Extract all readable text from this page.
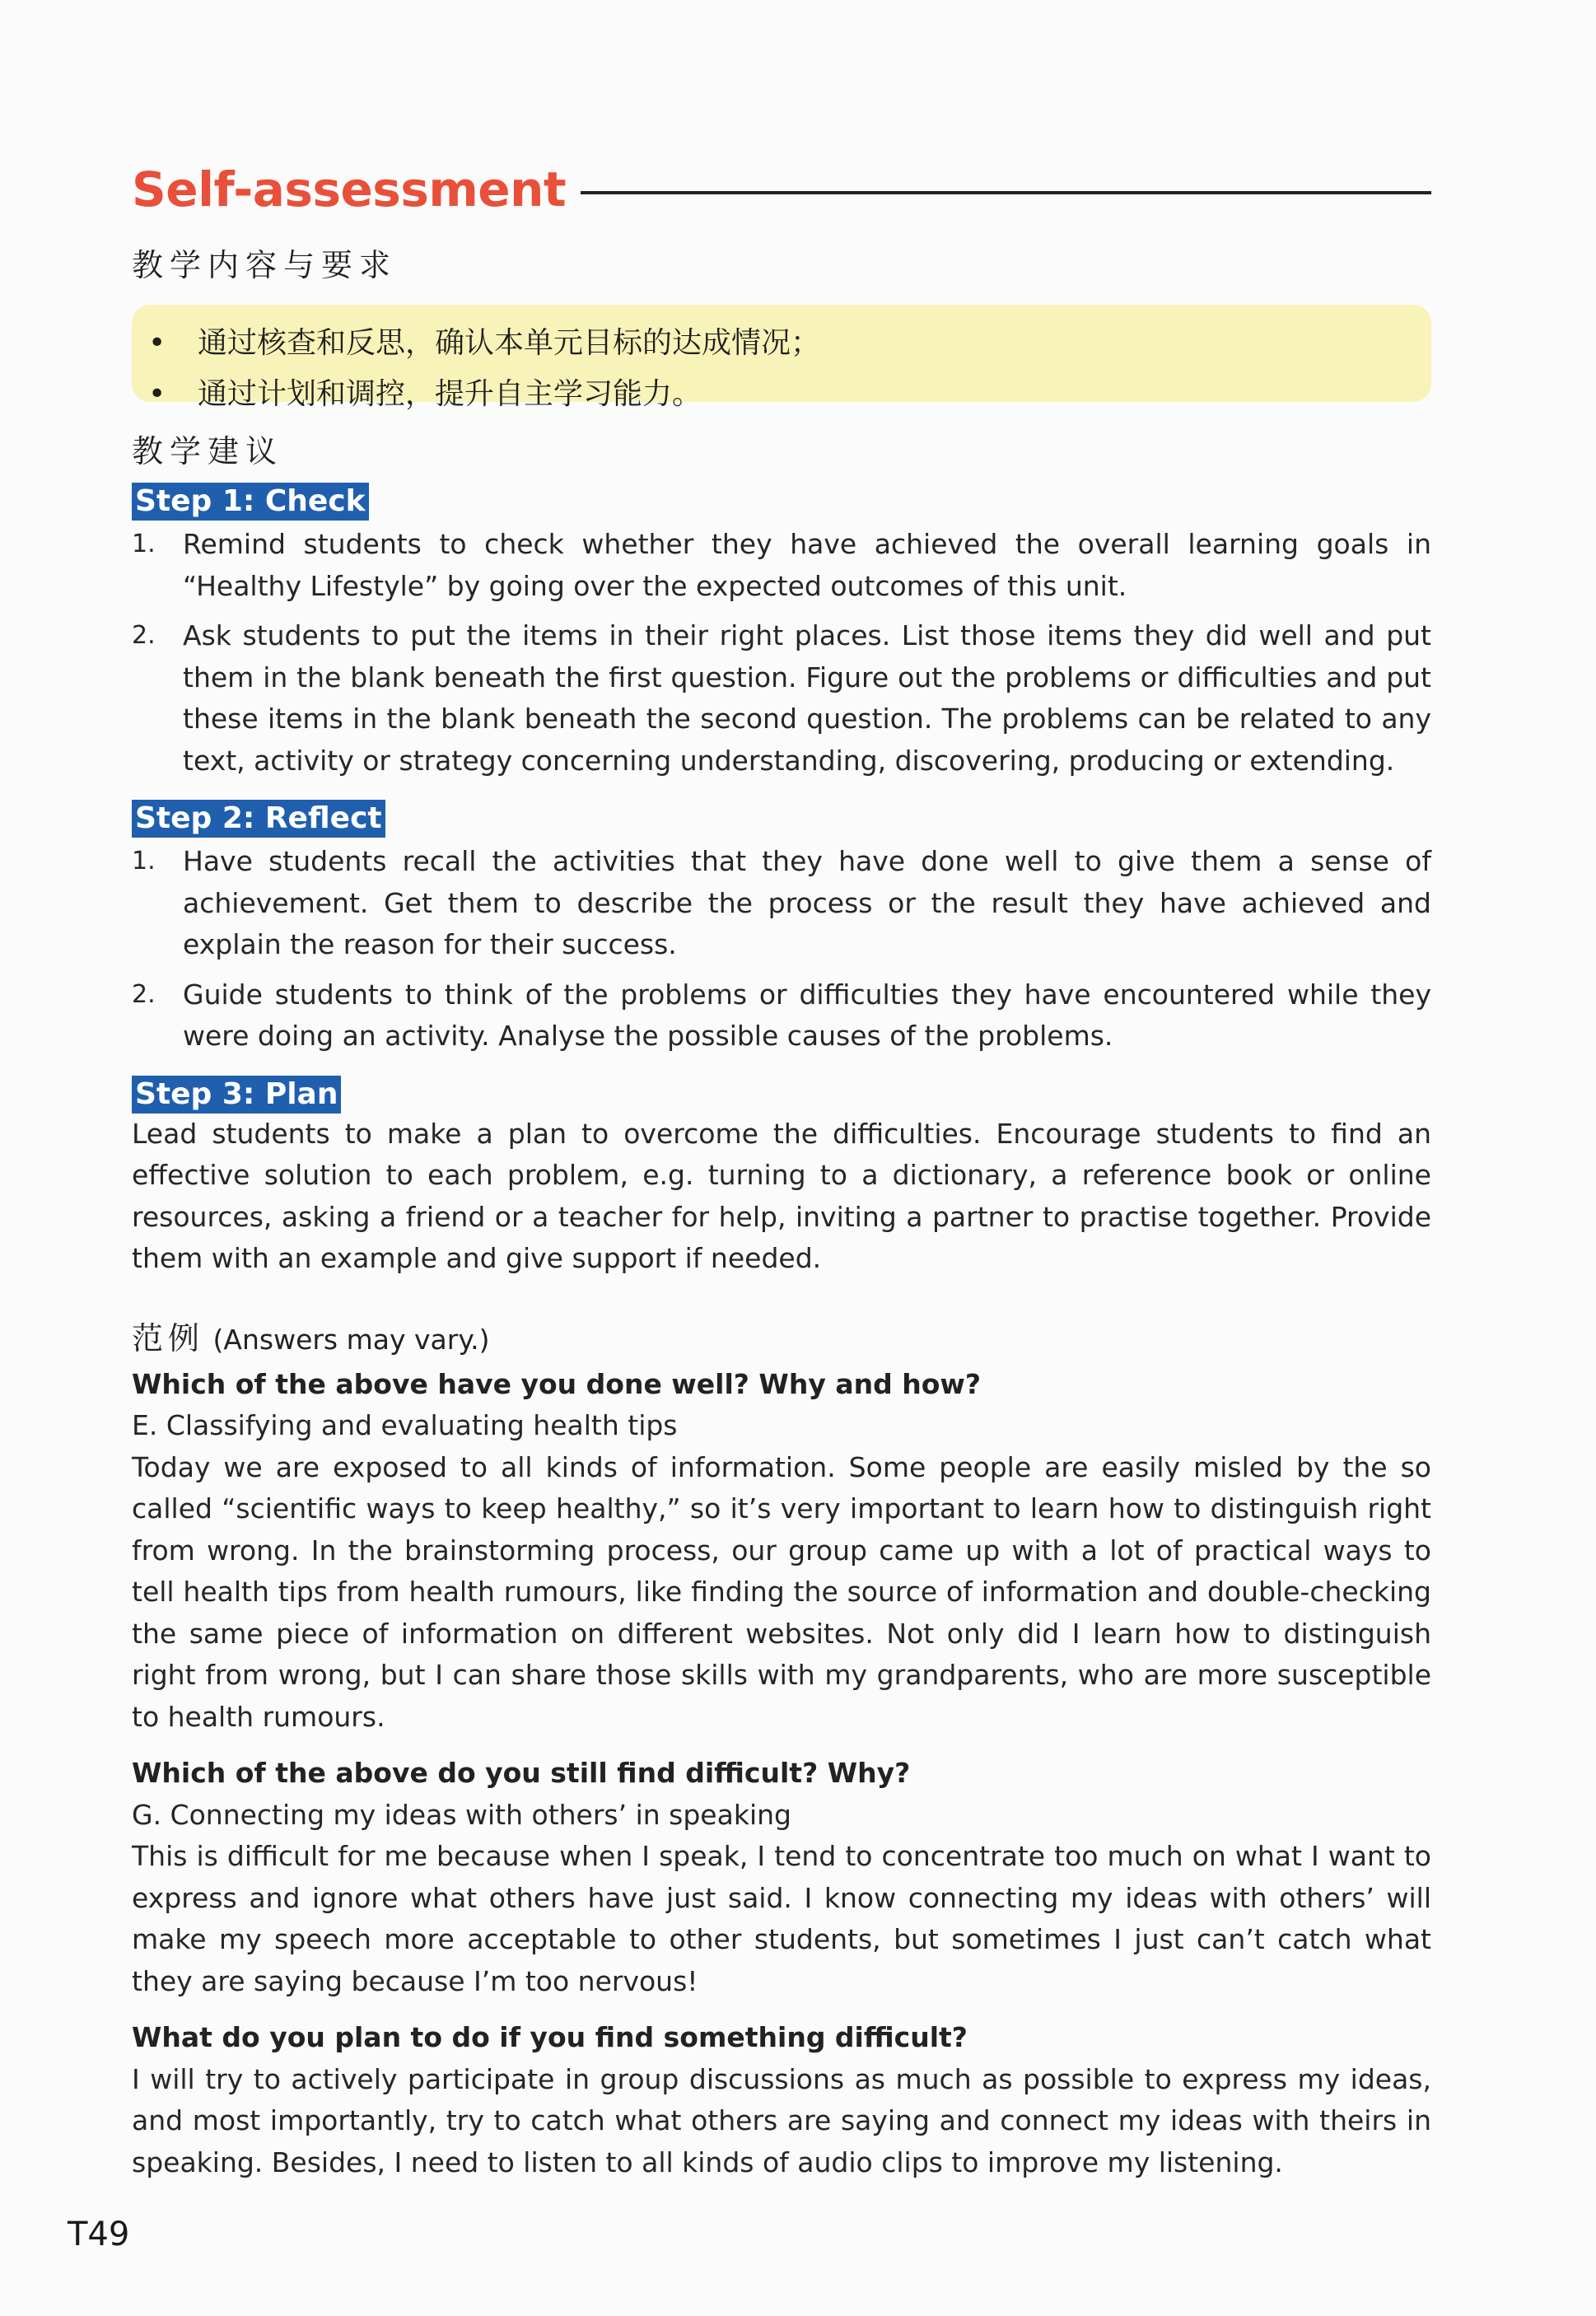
Self-assessment
教学内容与要求
• 通过核查和反思，确认本单元目标的达成情况；
• 通过计划和调控，提升自主学习能力。
教学建议
Step 1: Check
1. Remind students to check whether they have achieved the overall learning goals in “Healthy Lifestyle” by going over the expected outcomes of this unit.
2. Ask students to put the items in their right places. List those items they did well and put them in the blank beneath the first question. Figure out the problems or difficulties and put these items in the blank beneath the second question. The problems can be related to any text, activity or strategy concerning understanding, discovering, producing or extending.
Step 2: Reflect
1. Have students recall the activities that they have done well to give them a sense of achievement. Get them to describe the process or the result they have achieved and explain the reason for their success.
2. Guide students to think of the problems or difficulties they have encountered while they were doing an activity. Analyse the possible causes of the problems.
Step 3: Plan
Lead students to make a plan to overcome the difficulties. Encourage students to find an effective solution to each problem, e.g. turning to a dictionary, a reference book or online resources, asking a friend or a teacher for help, inviting a partner to practise together. Provide them with an example and give support if needed.
范例 (Answers may vary.)
Which of the above have you done well? Why and how?
E. Classifying and evaluating health tips
Today we are exposed to all kinds of information. Some people are easily misled by the so called “scientific ways to keep healthy,” so it’s very important to learn how to distinguish right from wrong. In the brainstorming process, our group came up with a lot of practical ways to tell health tips from health rumours, like finding the source of information and double-checking the same piece of information on different websites. Not only did I learn how to distinguish right from wrong, but I can share those skills with my grandparents, who are more susceptible to health rumours.
Which of the above do you still find difficult? Why?
G. Connecting my ideas with others’ in speaking
This is difficult for me because when I speak, I tend to concentrate too much on what I want to express and ignore what others have just said. I know connecting my ideas with others’ will make my speech more acceptable to other students, but sometimes I just can’t catch what they are saying because I’m too nervous!
What do you plan to do if you find something difficult?
I will try to actively participate in group discussions as much as possible to express my ideas, and most importantly, try to catch what others are saying and connect my ideas with theirs in speaking. Besides, I need to listen to all kinds of audio clips to improve my listening.
T49
